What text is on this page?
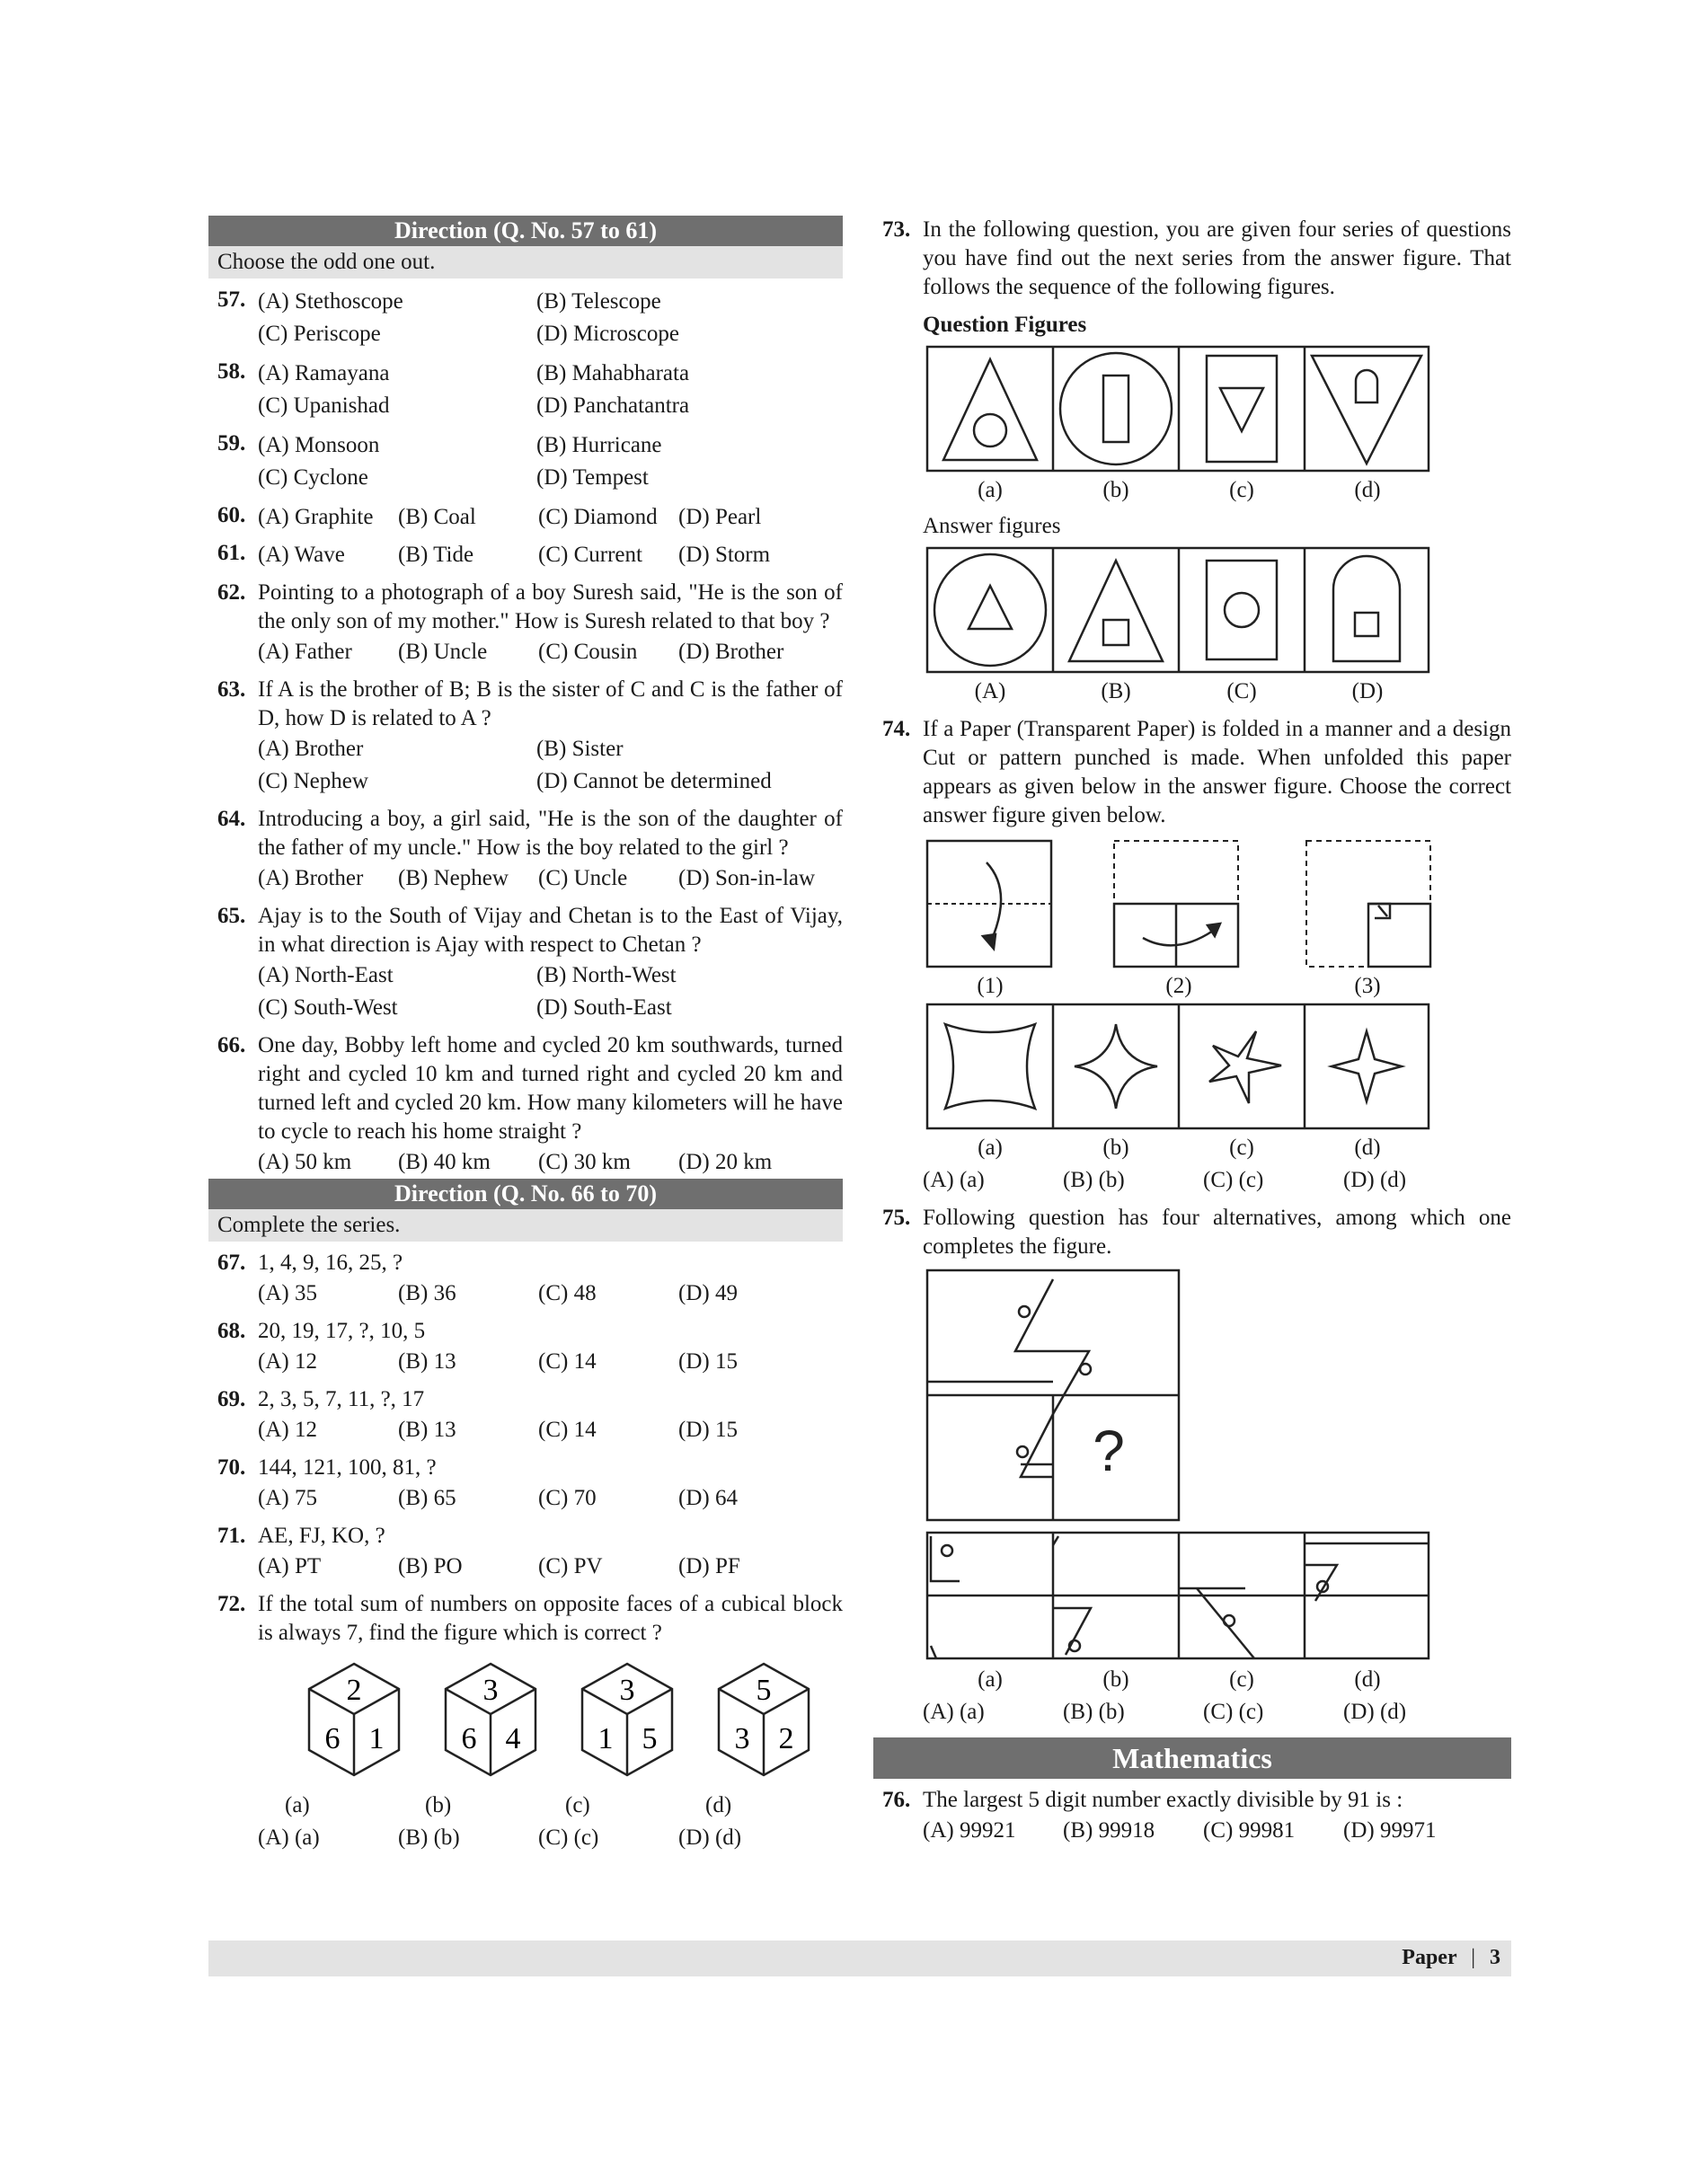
Direction (Q. No. 57 to 61)
Choose the odd one out.
57. (A) Stethoscope	(B) Telescope
(C) Periscope	(D) Microscope
58. (A) Ramayana	(B) Mahabharata
(C) Upanishad	(D) Panchatantra
59. (A) Monsoon	(B) Hurricane
(C) Cyclone	(D) Tempest
60. (A) Graphite	(B) Coal	(C) Diamond (D) Pearl
61. (A) Wave	(B) Tide	(C) Current	(D) Storm
62. Pointing to a photograph of a boy Suresh said, "He is the son of the only son of my mother." How is Suresh related to that boy ?
(A) Father	(B) Uncle	(C) Cousin	(D) Brother
63. If A is the brother of B; B is the sister of C and C is the father of D, how D is related to A ?
(A) Brother	(B) Sister
(C) Nephew	(D) Cannot be determined
64. Introducing a boy, a girl said, "He is the son of the daughter of the father of my uncle." How is the boy related to the girl ?
(A) Brother	(B) Nephew	(C) Uncle	(D) Son-in-law
65. Ajay is to the South of Vijay and Chetan is to the East of Vijay, in what direction is Ajay with respect to Chetan ?
(A) North-East	(B) North-West
(C) South-West	(D) South-East
66. One day, Bobby left home and cycled 20 km southwards, turned right and cycled 10 km and turned right and cycled 20 km and turned left and cycled 20 km. How many kilometers will he have to cycle to reach his home straight ?
(A) 50 km	(B) 40 km	(C) 30 km	(D) 20 km
Direction (Q. No. 66 to 70)
Complete the series.
67. 1, 4, 9, 16, 25, ?
(A) 35	(B) 36	(C) 48	(D) 49
68. 20, 19, 17, ?, 10, 5
(A) 12	(B) 13	(C) 14	(D) 15
69. 2, 3, 5, 7, 11, ?, 17
(A) 12	(B) 13	(C) 14	(D) 15
70. 144, 121, 100, 81, ?
(A) 75	(B) 65	(C) 70	(D) 64
71. AE, FJ, KO, ?
(A) PT	(B) PO	(C) PV	(D) PF
72. If the total sum of numbers on opposite faces of a cubical block is always 7, find the figure which is correct ?
2
6 1
3
6 4
3
1 5
5
3 2
(a)	(b)	(c)	(d)
(A) (a)	(B) (b)	(C) (c)	(D) (d)
73. In the following question, you are given four series of questions you have find out the next series from the answer figure. That follows the sequence of the following figures.
Question Figures
(a)	(b)	(c)	(d)
Answer figures
(A)	(B)	(C)	(D)
74. If a Paper (Transparent Paper) is folded in a manner and a design Cut or pattern punched is made. When unfolded this paper appears as given below in the answer figure. Choose the correct answer figure given below.
(1)	(2)	(3)
(a)	(b)	(c)	(d)
(A) (a)	(B) (b)	(C) (c)	(D) (d)
75. Following question has four alternatives, among which one completes the figure.
?
(a)	(b)	(c)	(d)
(A) (a)	(B) (b)	(C) (c)	(D) (d)
Mathematics
76. The largest 5 digit number exactly divisible by 91 is :
(A) 99921	(B) 99918	(C) 99981	(D) 99971
Paper | 3
